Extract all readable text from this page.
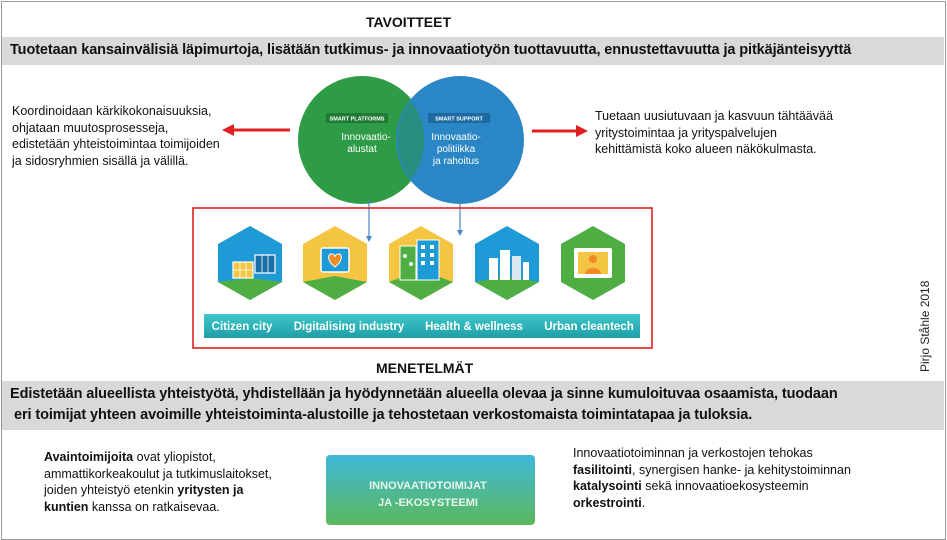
TAVOITTEET
Tuotetaan kansainvälisiä läpimurtoja, lisätään tutkimus- ja innovaatiotyön tuottavuutta, ennustettavuutta ja pitkäjänteisyyttä
Koordinoidaan kärkikokonaisuuksia,
ohjataan muutosprosesseja,
edistetään yhteistoimintaa toimijoiden
ja sidosryhmien sisällä ja välillä.
Tuetaan uusiutuvaan ja kasvuun tähtäävää
yritystoimintaa ja yrityspalvelujen
kehittämistä koko alueen näkökulmasta.
SMART PLATFORMS
Innovaatio-
alustat
SMART SUPPORT
Innovaatio-
politiikka
ja rahoitus
Citizen city Digitalising industry Health & wellness Urban cleantech
INNOVAATIOTOIMIJAT
JA -EKOSYSTEEMI
MENETELMÄT
Edistetään alueellista yhteistyötä, yhdistellään ja hyödynnetään alueella olevaa ja sinne kumuloituvaa osaamista, tuodaan
eri toimijat yhteen avoimille yhteistoiminta-alustoille ja tehostetaan verkostomaista toimintatapaa ja tuloksia.
Avaintoimijoita ovat yliopistot,
ammattikorkeakoulut ja tutkimuslaitokset,
joiden yhteistyö etenkin yritysten ja
kuntien kanssa on ratkaisevaa.
Innovaatiotoiminnan ja verkostojen tehokas
fasilitointi, synergisen hanke- ja kehitystoiminnan
katalysointi sekä innovaatioekosysteemin
orkestrointi.
Pirjo Ståhle 2018
